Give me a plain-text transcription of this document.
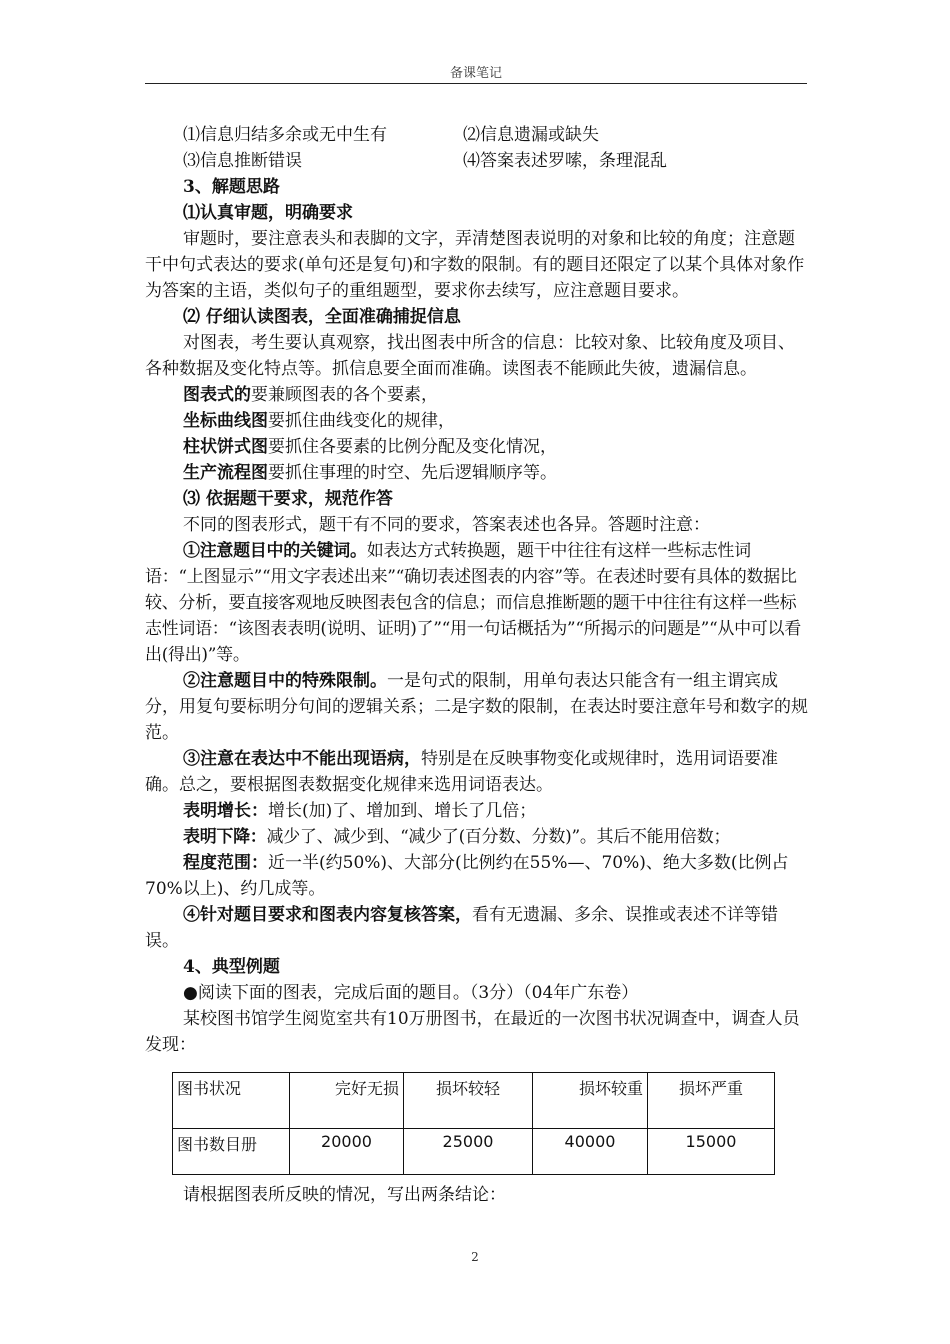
备课笔记
⑴信息归结多余或无中生有	⑵信息遗漏或缺失
⑶信息推断错误	⑷答案表述罗嗦，条理混乱

3、解题思路

⑴认真审题，明确要求

审题时，要注意表头和表脚的文字，弄清楚图表说明的对象和比较的角度；注意题干中句式表达的要求(单句还是复句)和字数的限制。有的题目还限定了以某个具体对象作为答案的主语，类似句子的重组题型，要求你去续写，应注意题目要求。

⑵ 仔细认读图表，全面准确捕捉信息

对图表，考生要认真观察，找出图表中所含的信息：比较对象、比较角度及项目、各种数据及变化特点等。抓信息要全面而准确。读图表不能顾此失彼，遗漏信息。

图表式的要兼顾图表的各个要素，

坐标曲线图要抓住曲线变化的规律，

柱状饼式图要抓住各要素的比例分配及变化情况，

生产流程图要抓住事理的时空、先后逻辑顺序等。

⑶ 依据题干要求，规范作答

不同的图表形式，题干有不同的要求，答案表述也各异。答题时注意：

①注意题目中的关键词。如表达方式转换题，题干中往往有这样一些标志性词语：“上图显示”“用文字表述出来”“确切表述图表的内容”等。在表述时要有具体的数据比较、分析，要直接客观地反映图表包含的信息；而信息推断题的题干中往往有这样一些标志性词语：“该图表表明(说明、证明)了”“用一句话概括为”“所揭示的问题是”“从中可以看出(得出)”等。

②注意题目中的特殊限制。一是句式的限制，用单句表达只能含有一组主谓宾成分，用复句要标明分句间的逻辑关系；二是字数的限制，在表达时要注意年号和数字的规范。

③注意在表达中不能出现语病，特别是在反映事物变化或规律时，选用词语要准确。总之，要根据图表数据变化规律来选用词语表达。

表明增长：增长(加)了、增加到、增长了几倍；

表明下降：减少了、减少到、“减少了(百分数、分数)”。其后不能用倍数；

程度范围：近一半(约50%)、大部分(比例约在55%—、70%)、绝大多数(比例占70%以上)、约几成等。

④针对题目要求和图表内容复核答案，看有无遗漏、多余、误推或表述不详等错误。

4、典型例题

●阅读下面的图表，完成后面的题目。（3分）（04年广东卷）

某校图书馆学生阅览室共有10万册图书，在最近的一次图书状况调查中，调查人员发现：

图书状况	完好无损	损坏较轻	损坏较重	损坏严重
图书数目册	20000	25000	40000	15000
请根据图表所反映的情况，写出两条结论：
2
